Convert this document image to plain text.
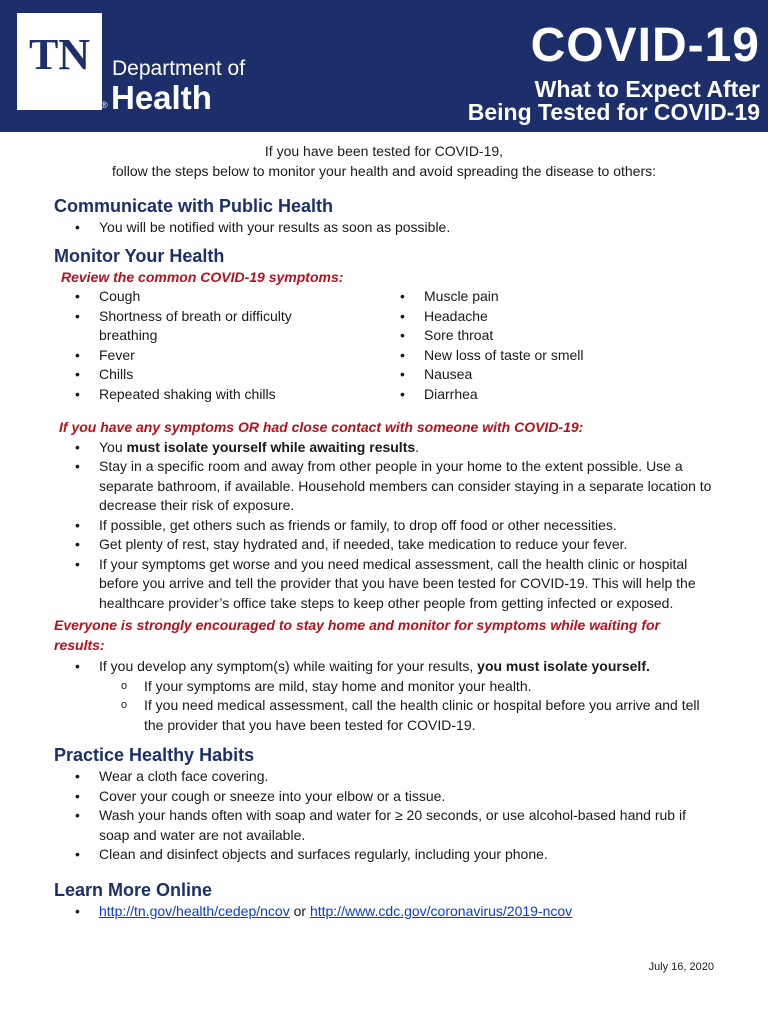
TN
®
Department of
Health
COVID-19
What to Expect After
Being Tested for COVID-19
If you have been tested for COVID-19,
follow the steps below to monitor your health and avoid spreading the disease to others:
Communicate with Public Health
• You will be notified with your results as soon as possible.
Monitor Your Health
Review the common COVID-19 symptoms:
• Cough
• Shortness of breath or difficulty breathing
• Fever
• Chills
• Repeated shaking with chills
• Muscle pain
• Headache
• Sore throat
• New loss of taste or smell
• Nausea
• Diarrhea
If you have any symptoms OR had close contact with someone with COVID-19:
• You must isolate yourself while awaiting results.
• Stay in a specific room and away from other people in your home to the extent possible. Use a separate bathroom, if available. Household members can consider staying in a separate location to decrease their risk of exposure.
• If possible, get others such as friends or family, to drop off food or other necessities.
• Get plenty of rest, stay hydrated and, if needed, take medication to reduce your fever.
• If your symptoms get worse and you need medical assessment, call the health clinic or hospital before you arrive and tell the provider that you have been tested for COVID-19. This will help the healthcare provider’s office take steps to keep other people from getting infected or exposed.
Everyone is strongly encouraged to stay home and monitor for symptoms while waiting for results:
• If you develop any symptom(s) while waiting for your results, you must isolate yourself.
o If your symptoms are mild, stay home and monitor your health.
o If you need medical assessment, call the health clinic or hospital before you arrive and tell the provider that you have been tested for COVID-19.
Practice Healthy Habits
• Wear a cloth face covering.
• Cover your cough or sneeze into your elbow or a tissue.
• Wash your hands often with soap and water for ≥ 20 seconds, or use alcohol-based hand rub if soap and water are not available.
• Clean and disinfect objects and surfaces regularly, including your phone.
Learn More Online
• http://tn.gov/health/cedep/ncov or http://www.cdc.gov/coronavirus/2019-ncov
July 16, 2020
